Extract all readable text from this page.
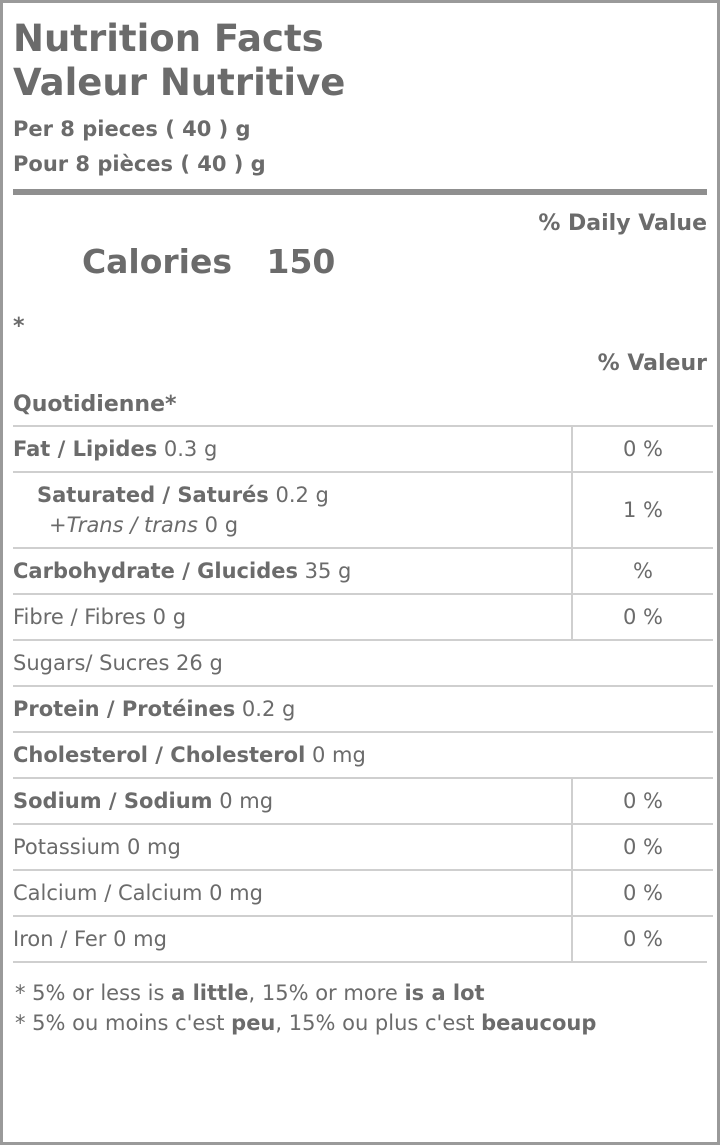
Nutrition Facts
Valeur Nutritive
Per 8 pieces ( 40 ) g
Pour 8 pièces ( 40 ) g

Calories 150

% Daily Value
*
% Valeur
Quotidienne*
Fat / Lipides 0.3 g	0 %

Saturated / Saturés 0.2 g
+Trans / trans 0 g	1 %
Carbohydrate / Glucides 35 g	%
Fibre / Fibres 0 g	0 %
Sugars/ Sucres 26 g	
Protein / Protéines 0.2 g	
Cholesterol / Cholesterol 0 mg	
Sodium / Sodium 0 mg	0 %
Potassium 0 mg	0 %
Calcium / Calcium 0 mg	0 %
Iron / Fer 0 mg	0 %
* 5% or less is a little, 15% or more is a lot
* 5% ou moins c'est peu, 15% ou plus c'est beaucoup
